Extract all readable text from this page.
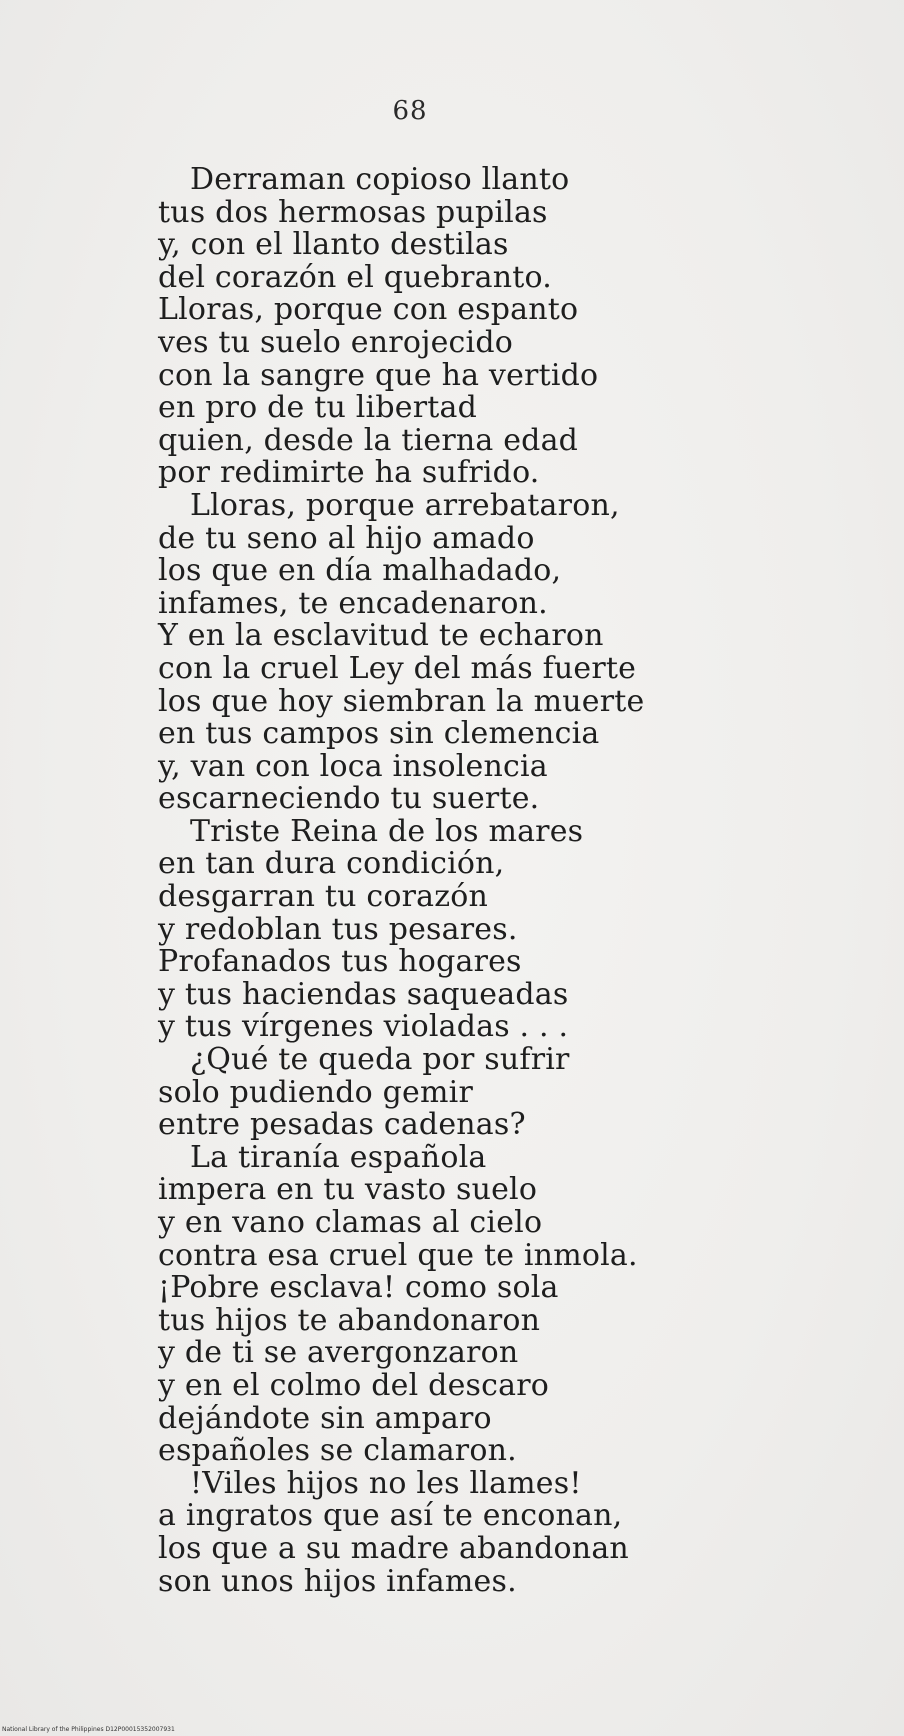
68
Derraman copioso llanto
tus dos hermosas pupilas
y, con el llanto destilas
del corazón el quebranto.
Lloras, porque con espanto
ves tu suelo enrojecido
con la sangre que ha vertido
en pro de tu libertad
quien, desde la tierna edad
por redimirte ha sufrido.
Lloras, porque arrebataron,
de tu seno al hijo amado
los que en día malhadado,
infames, te encadenaron.
Y en la esclavitud te echaron
con la cruel Ley del más fuerte
los que hoy siembran la muerte
en tus campos sin clemencia
y, van con loca insolencia
escarneciendo tu suerte.
Triste Reina de los mares
en tan dura condición,
desgarran tu corazón
y redoblan tus pesares.
Profanados tus hogares
y tus haciendas saqueadas
y tus vírgenes violadas . . .
¿Qué te queda por sufrir
solo pudiendo gemir
entre pesadas cadenas?
La tiranía española
impera en tu vasto suelo
y en vano clamas al cielo
contra esa cruel que te inmola.
¡Pobre esclava! como sola
tus hijos te abandonaron
y de ti se avergonzaron
y en el colmo del descaro
dejándote sin amparo
españoles se clamaron.
!Viles hijos no les llames!
a ingratos que así te enconan,
los que a su madre abandonan
son unos hijos infames.
National Library of the Philippines D12P00015352007931
